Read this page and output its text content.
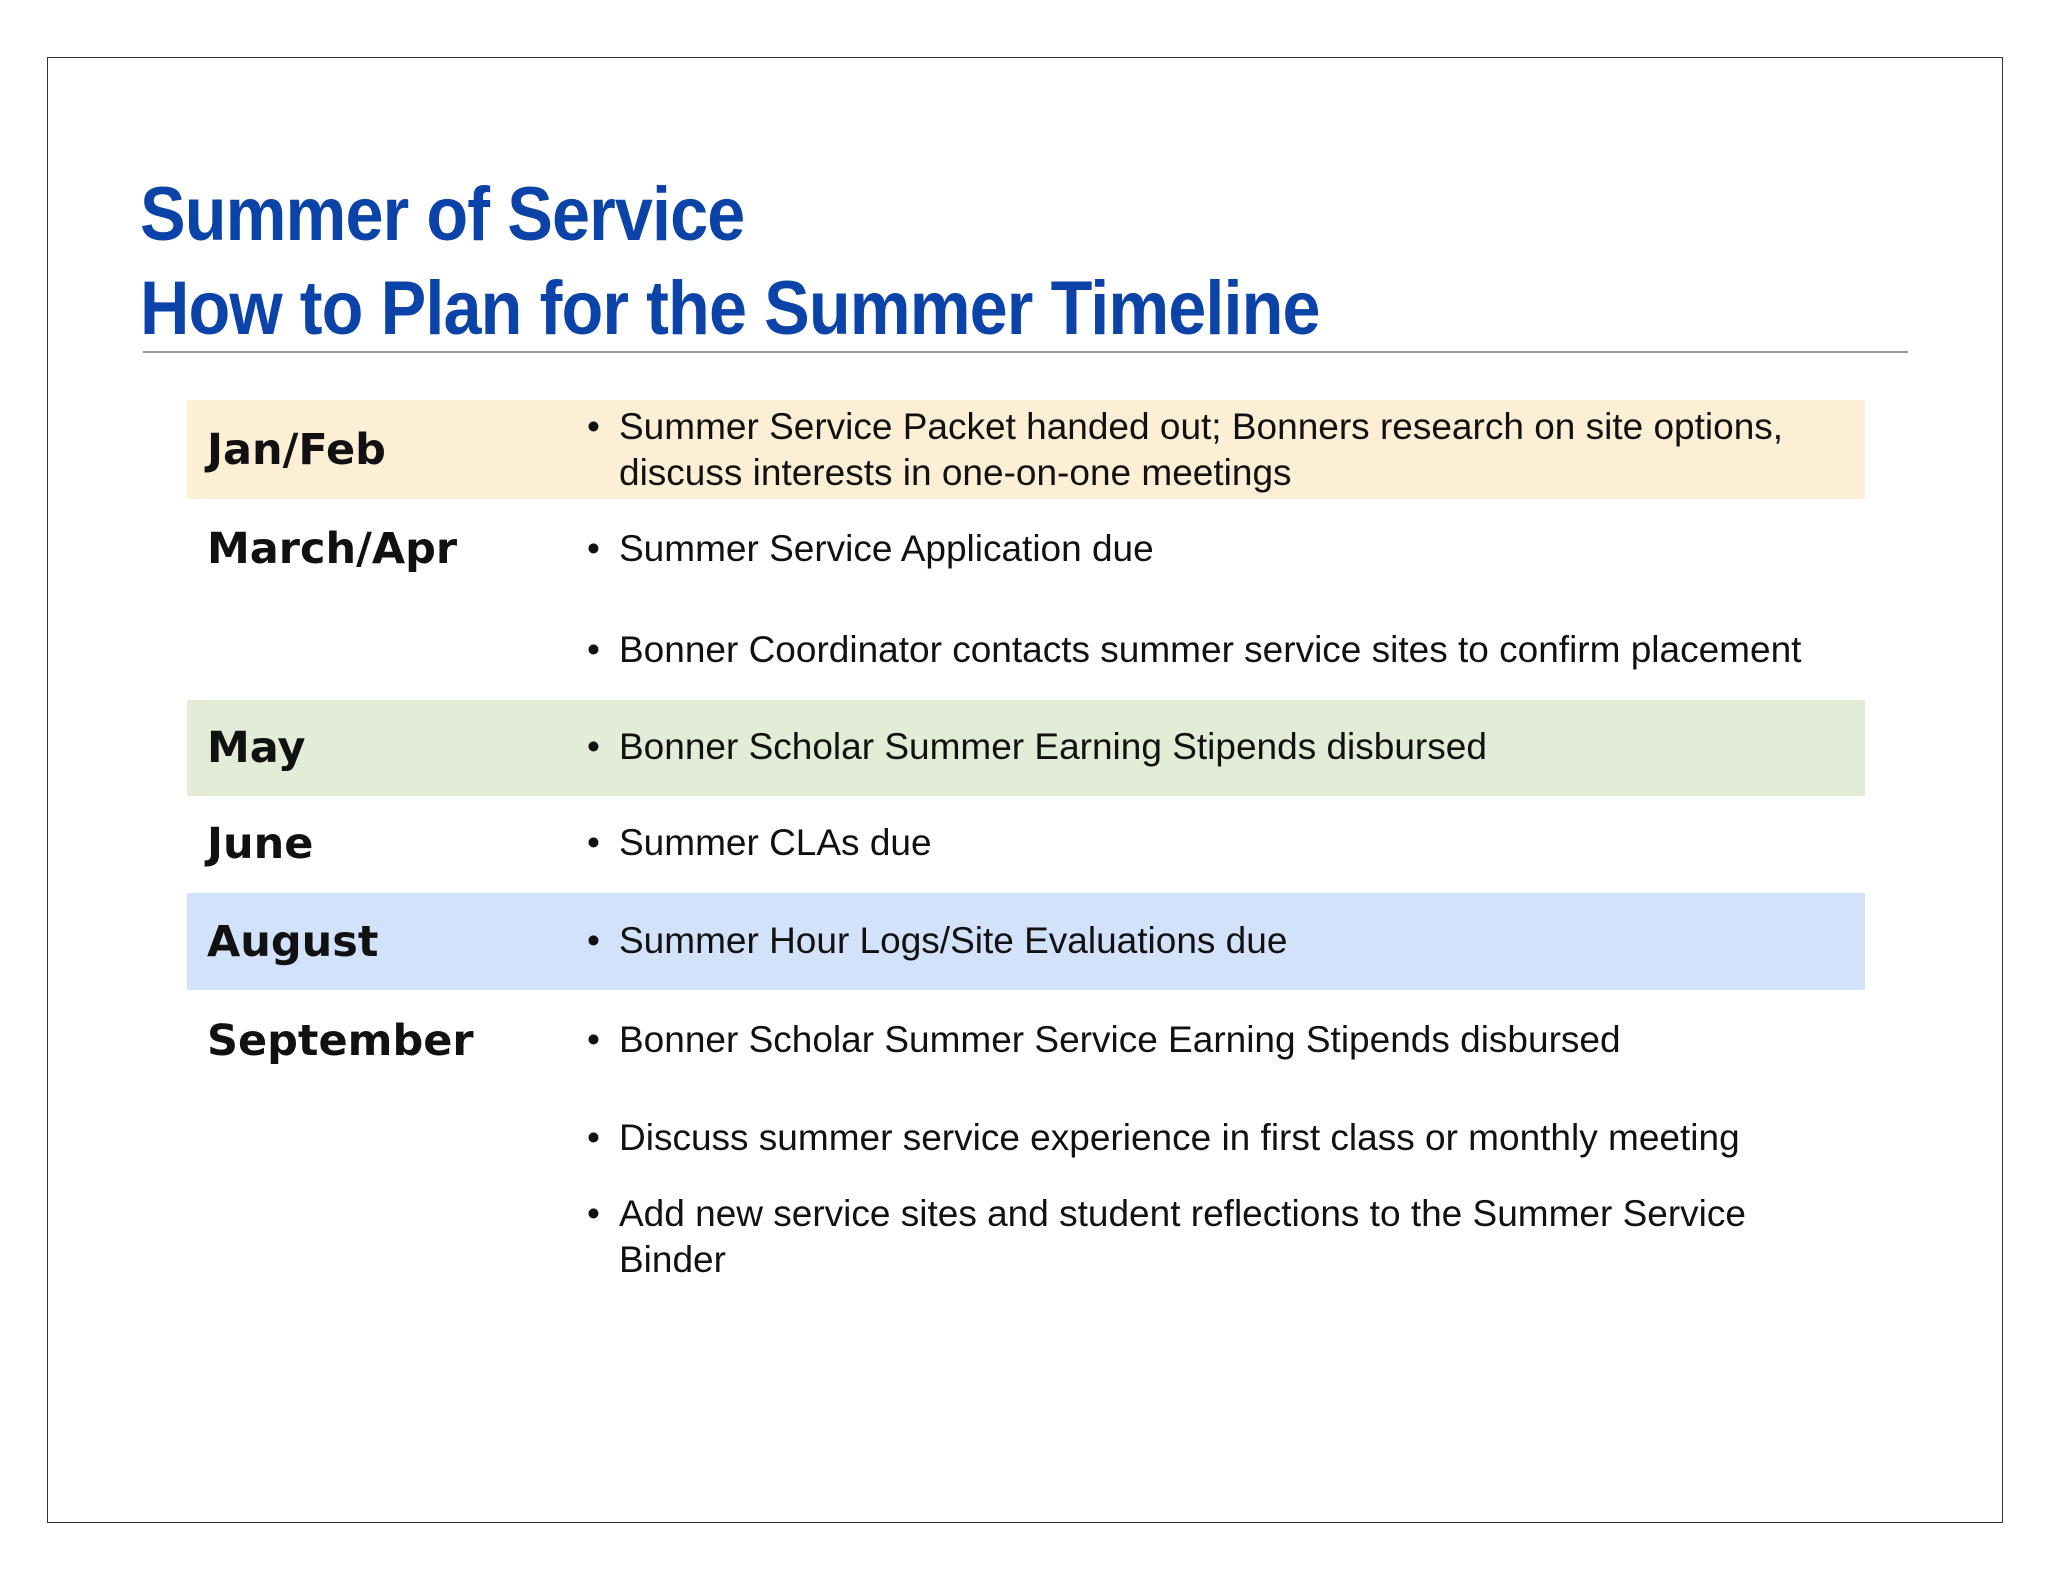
Summer of Service
How to Plan for the Summer Timeline
Jan/Feb	• Summer Service Packet handed out; Bonners research on site options, discuss interests in one-on-one meetings
March/Apr	• Summer Service Application due
• Bonner Coordinator contacts summer service sites to confirm placement
May	• Bonner Scholar Summer Earning Stipends disbursed
June	• Summer CLAs due
August	• Summer Hour Logs/Site Evaluations due
September	• Bonner Scholar Summer Service Earning Stipends disbursed
• Discuss summer service experience in first class or monthly meeting
• Add new service sites and student reflections to the Summer Service Binder
